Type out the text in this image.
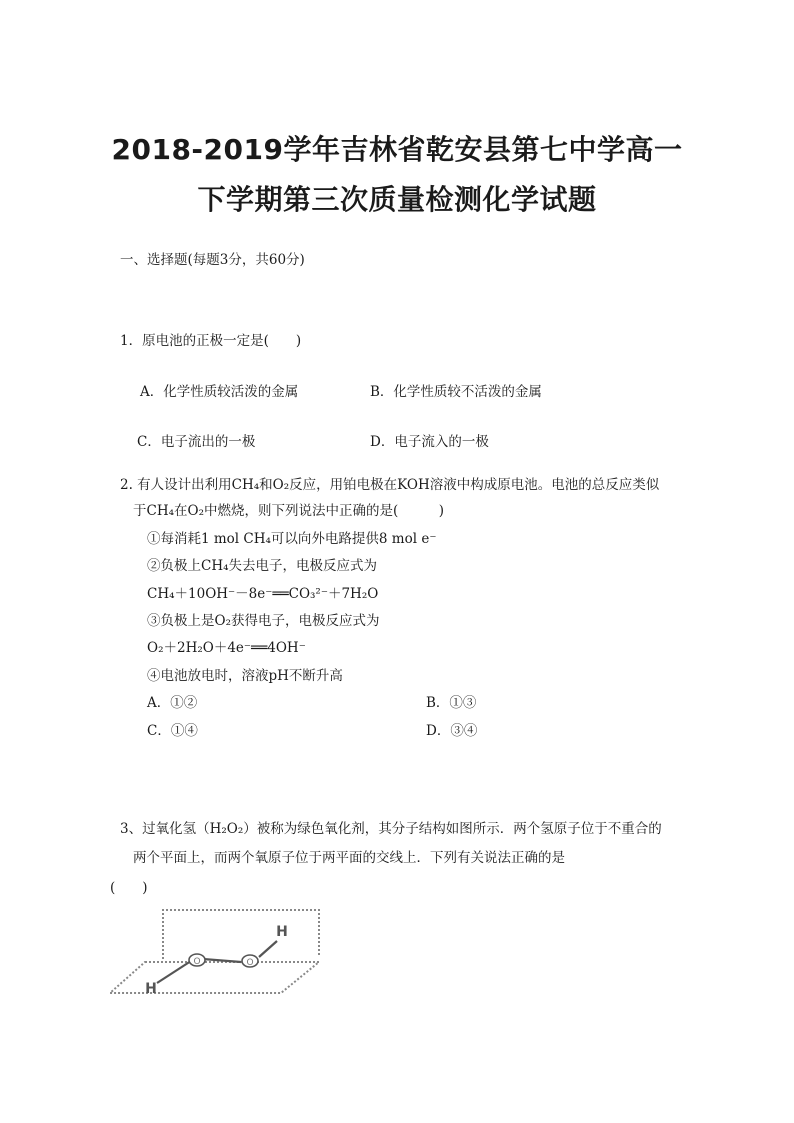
2018-2019学年吉林省乾安县第七中学高一
下学期第三次质量检测化学试题
一、选择题(每题3分，共60分)
1．原电池的正极一定是(　　)
A．化学性质较活泼的金属	B．化学性质较不活泼的金属
C．电子流出的一极	D．电子流入的一极
2. 有人设计出利用CH₄和O₂反应，用铂电极在KOH溶液中构成原电池。电池的总反应类似
于CH₄在O₂中燃烧，则下列说法中正确的是(　　　)
①每消耗1 mol CH₄可以向外电路提供8 mol e⁻
②负极上CH₄失去电子，电极反应式为
CH₄＋10OH⁻－8e⁻══CO₃²⁻＋7H₂O
③负极上是O₂获得电子，电极反应式为
O₂＋2H₂O＋4e⁻══4OH⁻
④电池放电时，溶液pH不断升高
A．①②	B．①③
C．①④	D．③④
3、过氧化氢（H₂O₂）被称为绿色氧化剂，其分子结构如图所示．两个氢原子位于不重合的
两个平面上，而两个氧原子位于两平面的交线上．下列有关说法正确的是
(　　)
O	O
H
H
